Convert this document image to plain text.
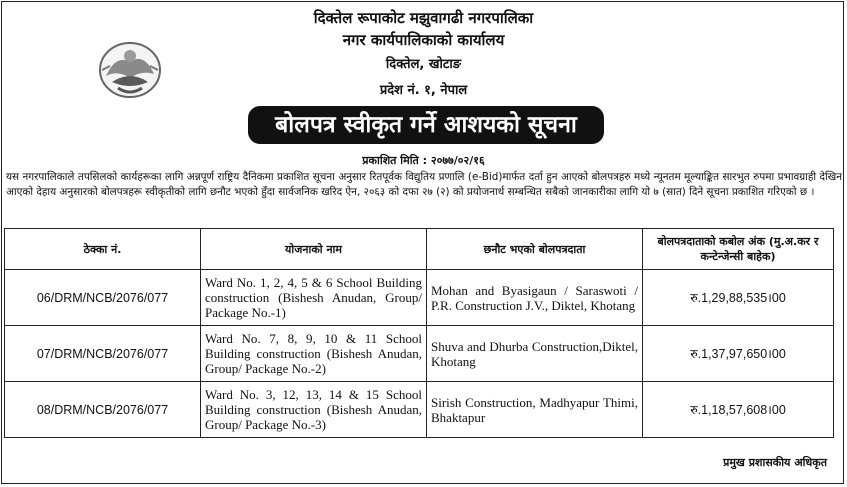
दिक्तेल रूपाकोट मझुवागढी नगरपालिका
नगर कार्यपालिकाको कार्यालय
दिक्तेल, खोटाङ
प्रदेश नं. १, नेपाल
बोलपत्र स्वीकृत गर्ने आशयको सूचना
प्रकाशित मिति : २०७७/०२/१६
यस नगरपालिकाले तपसिलको कार्यहरूका लागि अन्नपूर्ण राष्ट्रिय दैनिकमा प्रकाशित सूचना अनुसार रितपूर्वक विद्युतिय प्रणालि (e-Bid)मार्फत दर्ता हुन आएको बोलपत्रहरु मध्ये न्यूनतम मूल्याङ्कित सारभुत रुपमा प्रभावग्राही देखिन आएको देहाय अनुसारको बोलपत्रहरू स्वीकृतीको लागि छनौट भएको हुँदा सार्वजनिक खरिद ऐन, २०६३ को दफा २७ (२) को प्रयोजनार्थ सम्बन्धित सबैको जानकारीका लागि यो ७ (सात) दिने सूचना प्रकाशित गरिएको छ ।
ठेक्का नं.	योजनाको नाम	छनौट भएको बोलपत्रदाता	बोलपत्रदाताको कबोल अंक (मु.अ.कर र कन्टेन्जेन्सी बाहेक)
06/DRM/NCB/2076/077	Ward No. 1, 2, 4, 5 & 6 School Building construction (Bishesh Anudan, Group/ Package No.-1)	Mohan and Byasigaun / Saraswoti / P.R. Construction J.V., Diktel, Khotang	रु.1,29,88,535।00
07/DRM/NCB/2076/077	Ward No. 7, 8, 9, 10 & 11 School Building construction (Bishesh Anudan, Group/ Package No.-2)	Shuva and Dhurba Construction,Diktel, Khotang	रु.1,37,97,650।00
08/DRM/NCB/2076/077	Ward No. 3, 12, 13, 14 & 15 School Building construction (Bishesh Anudan, Group/ Package No.-3)	Sirish Construction, Madhyapur Thimi, Bhaktapur	रु.1,18,57,608।00
प्रमुख प्रशासकीय अधिकृत
